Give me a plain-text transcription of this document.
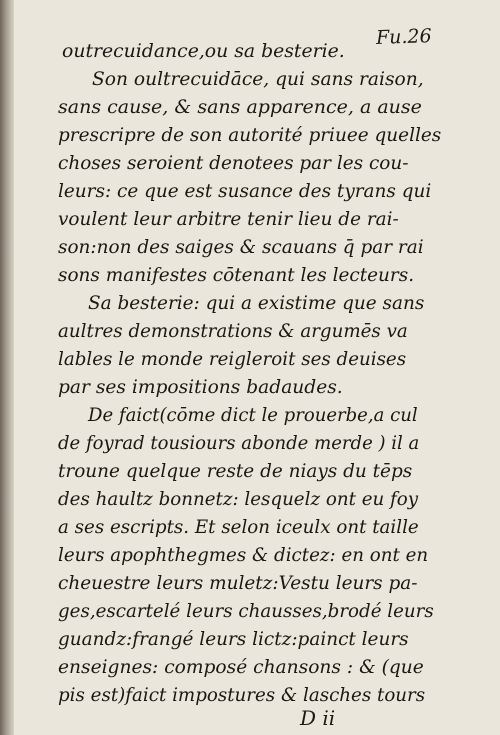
Fu.26
outrecuidance,ou sa besterie.
Son oultrecuidāce, qui sans raison,
sans cause, & sans apparence, a ause
prescripre de son autorité priuee quelles
choses seroient denotees par les cou-
leurs: ce que est susance des tyrans qui
voulent leur arbitre tenir lieu de rai-
son:non des saiges & scauans q̄ par rai
sons manifestes cōtenant les lecteurs.
Sa besterie: qui a existime que sans
aultres demonstrations & argumēs va
lables le monde reigleroit ses deuises
par ses impositions badaudes.
De faict(cōme dict le prouerbe,a cul
de foyrad tousiours abonde merde ) il a
troune quelque reste de niays du tēps
des haultz bonnetz: lesquelz ont eu foy
a ses escripts. Et selon iceulx ont taille
leurs apophthegmes & dictez: en ont en
cheuestre leurs muletz:Vestu leurs pa-
ges,escartelé leurs chausses,brodé leurs
guandz:frangé leurs lictz:painct leurs
enseignes: composé chansons : & (que
pis est)faict impostures & lasches tours
D ii
